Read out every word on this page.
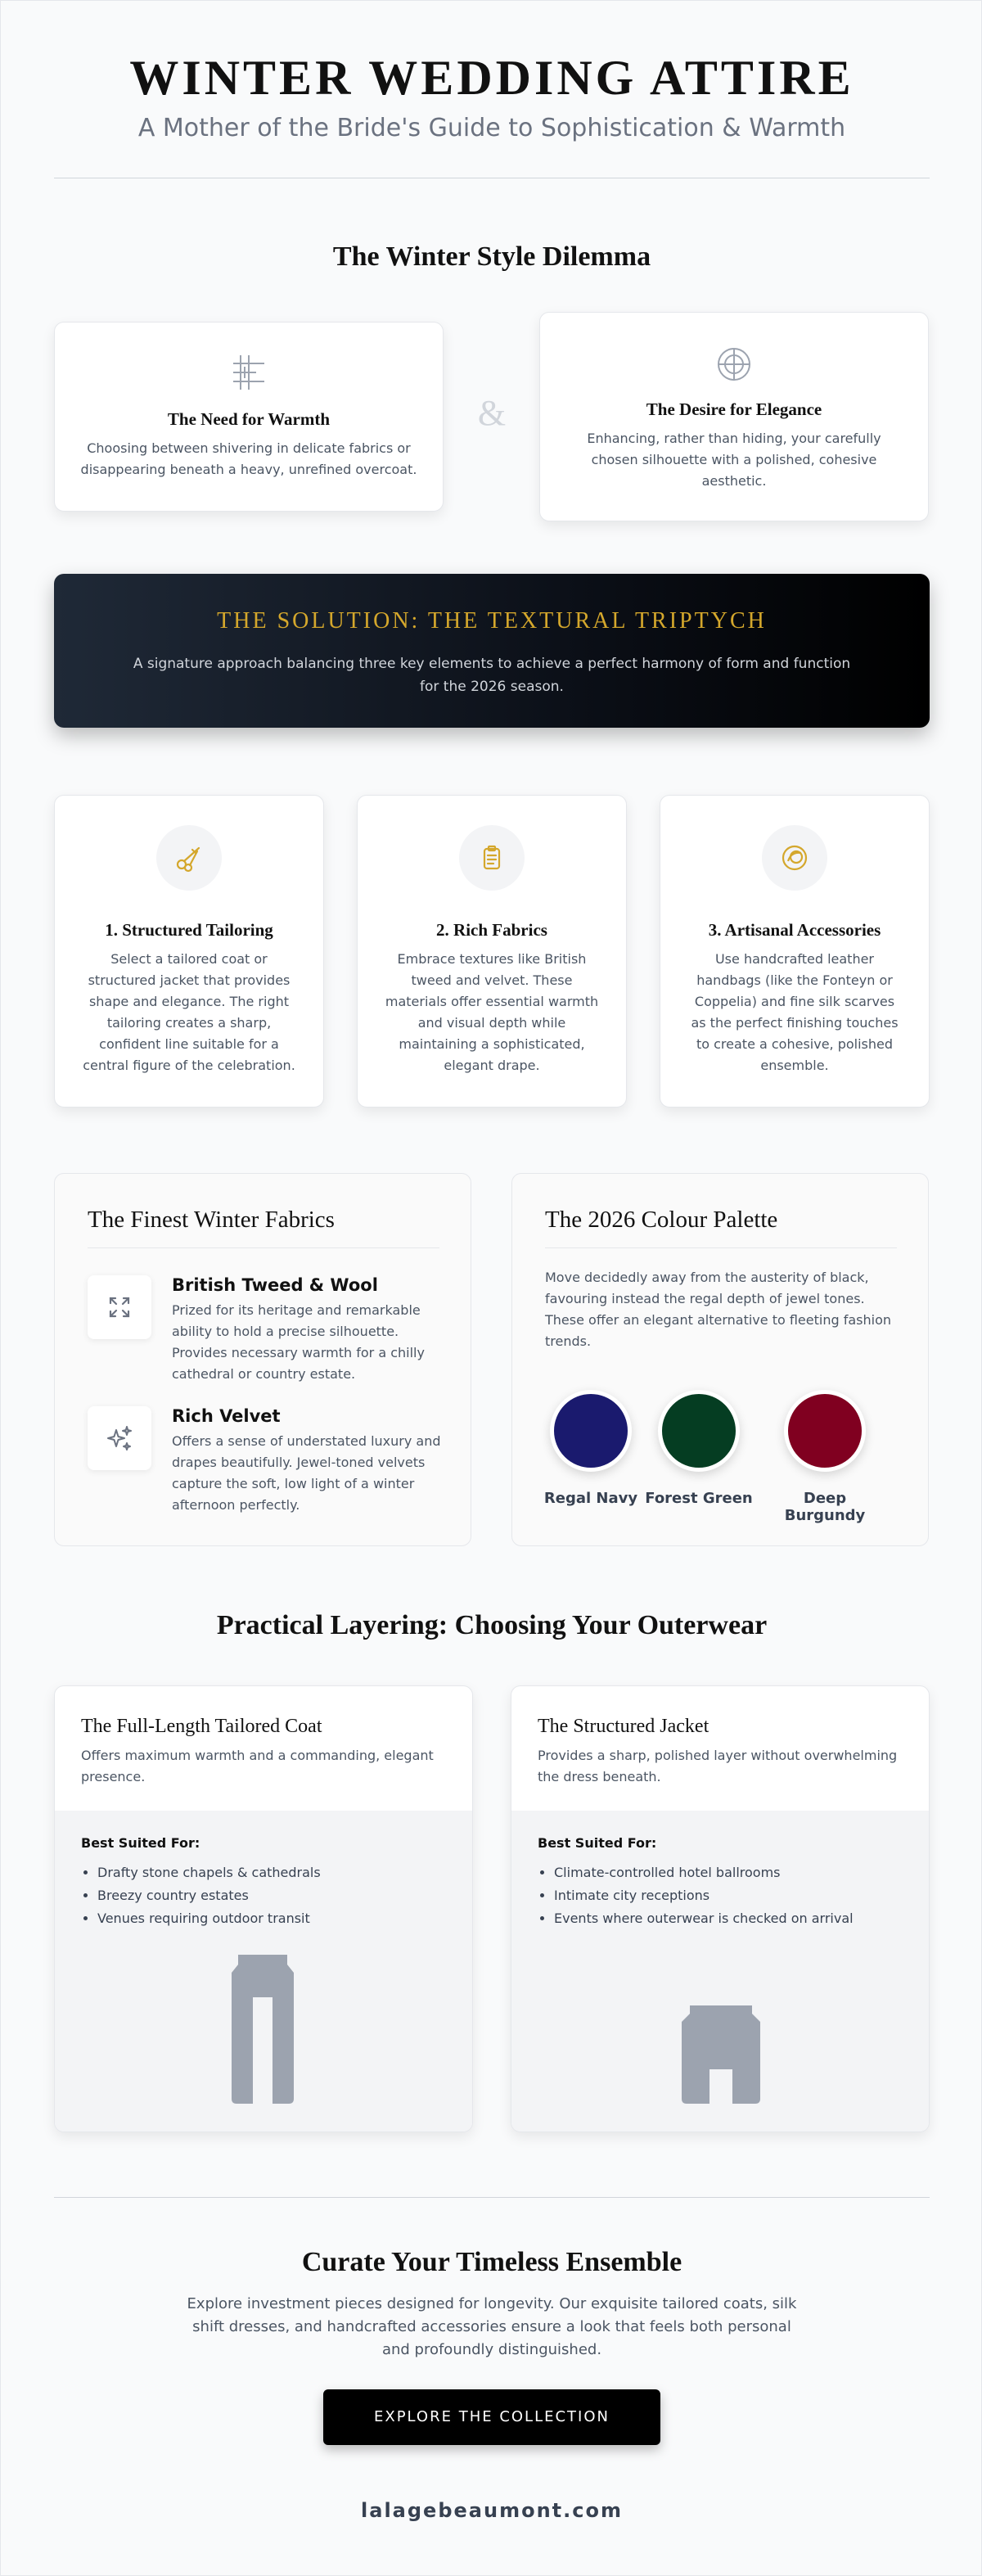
WINTER WEDDING ATTIRE
A Mother of the Bride's Guide to Sophistication & Warmth
The Winter Style Dilemma
The Need for Warmth

Choosing between shivering in delicate fabrics or disappearing beneath a heavy, unrefined overcoat.

&	The Desire for Elegance

Enhancing, rather than hiding, your carefully chosen silhouette with a polished, cohesive aesthetic.

THE SOLUTION: THE TEXTURAL TRIPTYCH

A signature approach balancing three key elements to achieve a perfect harmony of form and function for the 2026 season.

1. Structured Tailoring

Select a tailored coat or structured jacket that provides shape and elegance. The right tailoring creates a sharp, confident line suitable for a central figure of the celebration.

2. Rich Fabrics

Embrace textures like British tweed and velvet. These materials offer essential warmth and visual depth while maintaining a sophisticated, elegant drape.

3. Artisanal Accessories

Use handcrafted leather handbags (like the Fonteyn or Coppelia) and fine silk scarves as the perfect finishing touches to create a cohesive, polished ensemble.

The Finest Winter Fabrics
British Tweed & Wool
Prized for its heritage and remarkable ability to hold a precise silhouette. Provides necessary warmth for a chilly cathedral or country estate.
Rich Velvet
Offers a sense of understated luxury and drapes beautifully. Jewel-toned velvets capture the soft, low light of a winter afternoon perfectly.
The 2026 Colour Palette
Move decidedly away from the austerity of black, favouring instead the regal depth of jewel tones. These offer an elegant alternative to fleeting fashion trends.
Regal Navy Forest Green	Deep Burgundy
Practical Layering: Choosing Your Outerwear
The Full-Length Tailored Coat
Offers maximum warmth and a commanding, elegant presence.
Best Suited For:
• Drafty stone chapels & cathedrals
• Breezy country estates
• Venues requiring outdoor transit
The Structured Jacket
Provides a sharp, polished layer without overwhelming the dress beneath.
Best Suited For:
• Climate-controlled hotel ballrooms
• Intimate city receptions
• Events where outerwear is checked on arrival
Curate Your Timeless Ensemble

Explore investment pieces designed for longevity. Our exquisite tailored coats, silk shift dresses, and handcrafted accessories ensure a look that feels both personal and profoundly distinguished.

EXPLORE THE COLLECTION
lalagebeaumont.com
